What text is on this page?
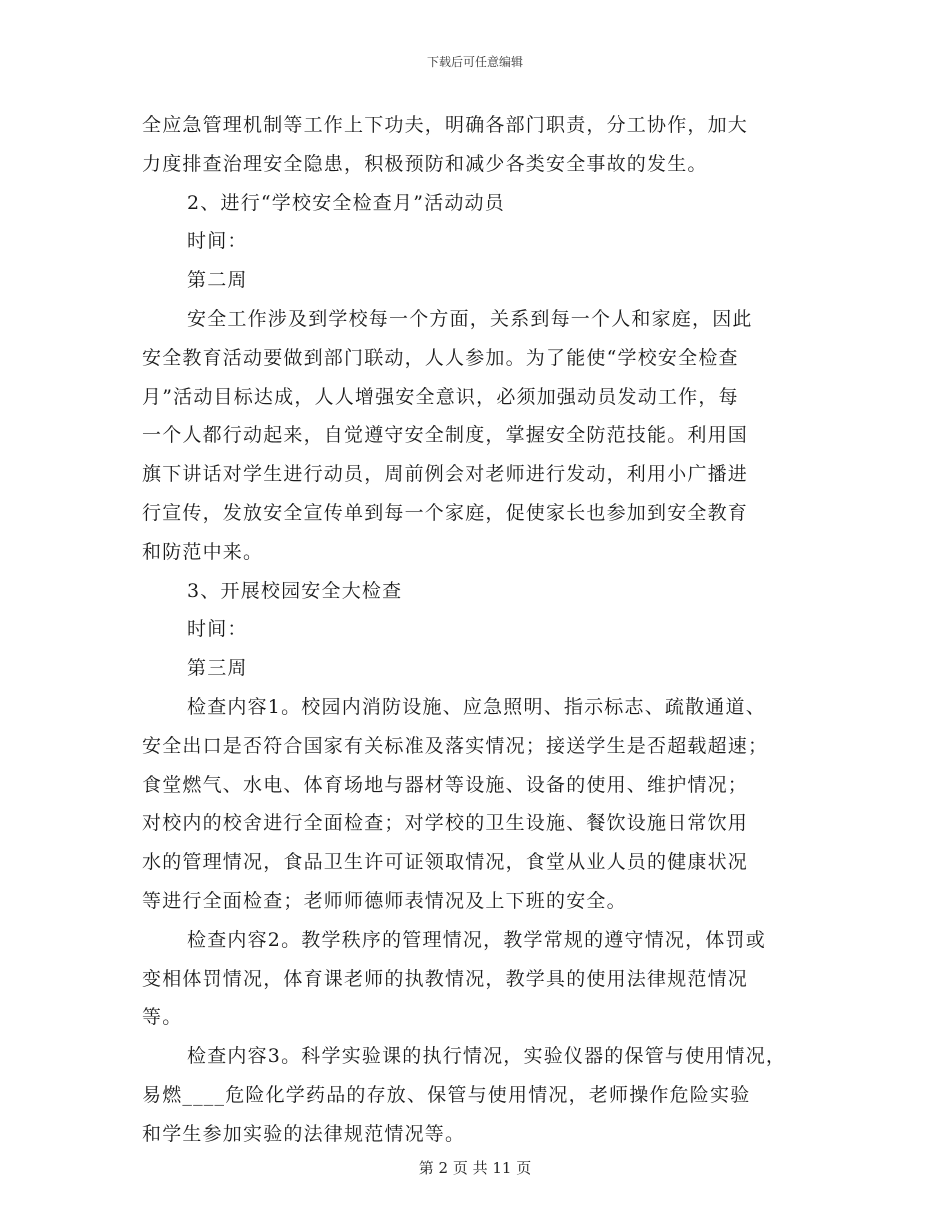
下载后可任意编辑
全应急管理机制等工作上下功夫，明确各部门职责，分工协作，加大
力度排查治理安全隐患，积极预防和减少各类安全事故的发生。
2、进行“学校安全检查月”活动动员
时间：
第二周
安全工作涉及到学校每一个方面，关系到每一个人和家庭，因此
安全教育活动要做到部门联动，人人参加。为了能使“学校安全检查
月”活动目标达成，人人增强安全意识，必须加强动员发动工作，每
一个人都行动起来，自觉遵守安全制度，掌握安全防范技能。利用国
旗下讲话对学生进行动员，周前例会对老师进行发动，利用小广播进
行宣传，发放安全宣传单到每一个家庭，促使家长也参加到安全教育
和防范中来。
3、开展校园安全大检查
时间：
第三周
检查内容1。校园内消防设施、应急照明、指示标志、疏散通道、
安全出口是否符合国家有关标准及落实情况；接送学生是否超载超速；
食堂燃气、水电、体育场地与器材等设施、设备的使用、维护情况；
对校内的校舍进行全面检查；对学校的卫生设施、餐饮设施日常饮用
水的管理情况，食品卫生许可证领取情况，食堂从业人员的健康状况
等进行全面检查；老师师德师表情况及上下班的安全。
检查内容2。教学秩序的管理情况，教学常规的遵守情况，体罚或
变相体罚情况，体育课老师的执教情况，教学具的使用法律规范情况
等。
检查内容3。科学实验课的执行情况，实验仪器的保管与使用情况，
易燃____危险化学药品的存放、保管与使用情况，老师操作危险实验
和学生参加实验的法律规范情况等。
第 2 页 共 11 页
